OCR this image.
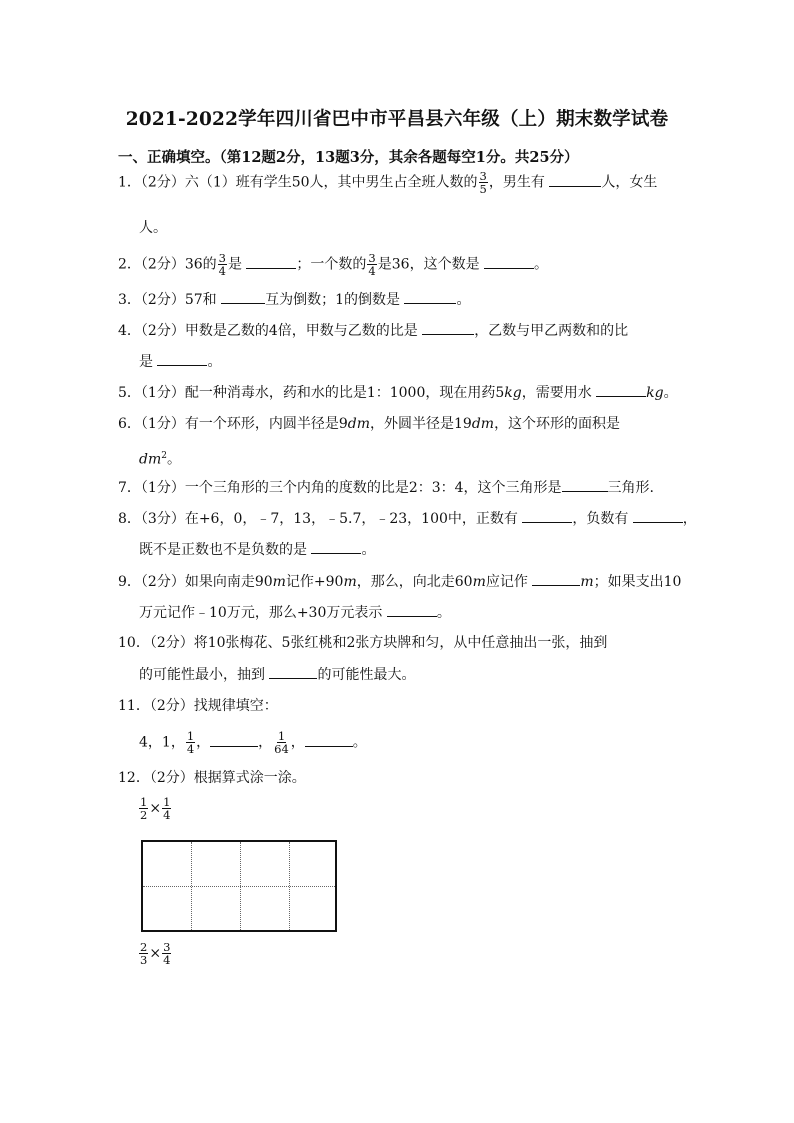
2021-2022学年四川省巴中市平昌县六年级（上）期末数学试卷
一、正确填空。（第12题2分，13题3分，其余各题每空1分。共25分）
1．（2分）六（1）班有学生50人，其中男生占全班人数的 $\frac{3}{5}$ ，男生有	人，女生
人。
2．（2分）36的 $\frac{3}{4}$ 是	；一个数的 $\frac{3}{4}$ 是36，这个数是	。
3．（2分）57和	互为倒数；1的倒数是	。
4．（2分）甲数是乙数的4倍，甲数与乙数的比是	，乙数与甲乙两数和的比
是	。
5．（1分）配一种消毒水，药和水的比是1：1000，现在用药5kg，需要用水	kg。
6．（1分）有一个环形，内圆半径是9dm，外圆半径是19dm，这个环形的面积是
$dm^2$。
7．（1分）一个三角形的三个内角的度数的比是2：3：4，这个三角形是	三角形.
8．（3分）在+6，0，﹣7，13，﹣5.7，﹣23，100中，正数有	，负数有	，
既不是正数也不是负数的是	。
9．（2分）如果向南走90m记作+90m，那么，向北走60m应记作	m；如果支出10
万元记作﹣10万元，那么+30万元表示	。
10．（2分）将10张梅花、5张红桃和2张方块牌和匀，从中任意抽出一张，抽到
的可能性最小，抽到	的可能性最大。
11．（2分）找规律填空：
4，1， $\frac{1}{4}$ ，	， $\frac{1}{64}$ ，	。
12．（2分）根据算式涂一涂。
$\frac{1}{2} \times \frac{1}{4}$
$\frac{2}{3} \times \frac{3}{4}$
